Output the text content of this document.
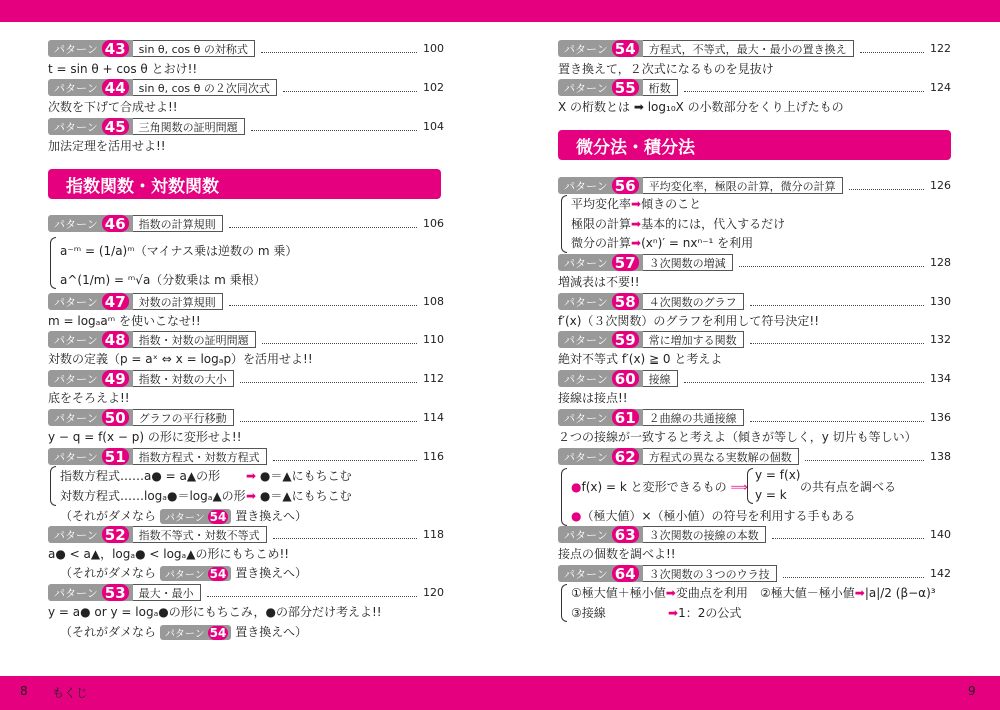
パターン 43	sin θ, cos θ の対称式	100
t = sin θ + cos θ とおけ!!
パターン 44	sin θ, cos θ の２次同次式	102
次数を下げて合成せよ!!
パターン 45	三角関数の証明問題	104
加法定理を活用せよ!!
指数関数・対数関数
パターン 46	指数の計算規則	106
a⁻ᵐ = (1/a)ᵐ（マイナス乗は逆数の m 乗）
a^(1/m) = ᵐ√a（分数乗は m 乗根）
パターン 47	対数の計算規則	108
m = logₐaᵐ を使いこなせ!!
パターン 48	指数・対数の証明問題	110
対数の定義（p = aˣ ⇔ x = logₐp）を活用せよ!!
パターン 49	指数・対数の大小	112
底をそろえよ!!
パターン 50	グラフの平行移動	114
y − q = f(x − p) の形に変形せよ!!
パターン 51	指数方程式・対数方程式	116
指数方程式……a● = a▲の形 ➡ ●＝▲にもちこむ
対数方程式……logₐ●＝logₐ▲の形 ➡ ●＝▲にもちこむ
（それがダメなら パターン 54 置き換えへ）
パターン 52	指数不等式・対数不等式	118
a● < a▲，logₐ● < logₐ▲の形にもちこめ!!
（それがダメなら パターン 54 置き換えへ）
パターン 53	最大・最小	120
y = a● or y = logₐ●の形にもちこみ，●の部分だけ考えよ!!
（それがダメなら パターン 54 置き換えへ）
パターン 54	方程式，不等式，最大・最小の置き換え	122
置き換えて，２次式になるものを見抜け
パターン 55	桁数	124
X の桁数とは ➡ log₁₀X の小数部分をくり上げたもの
微分法・積分法
パターン 56	平均変化率，極限の計算，微分の計算	126
平均変化率➡傾きのこと
極限の計算➡基本的には，代入するだけ
微分の計算➡(xⁿ)′ = nxⁿ⁻¹ を利用
パターン 57	３次関数の増減	128
増減表は不要!!
パターン 58	４次関数のグラフ	130
f′(x)（３次関数）のグラフを利用して符号決定!!
パターン 59	常に増加する関数	132
絶対不等式 f′(x) ≧ 0 と考えよ
パターン 60	接線	134
接線は接点!!
パターン 61	２曲線の共通接線	136
２つの接線が一致すると考えよ（傾きが等しく，y 切片も等しい）
パターン 62	方程式の異なる実数解の個数	138
●f(x) = k と変形できるもの ⟹
y = f(x)
y = k
の共有点を調べる
●（極大値）×（極小値）の符号を利用する手もある
パターン 63	３次関数の接線の本数	140
接点の個数を調べよ!!
パターン 64	３次関数の３つのウラ技	142
①極大値＋極小値➡変曲点を利用 ②極大値－極小値➡|a|/2 (β−α)³
③接線	➡1：2の公式
8 もくじ	9
